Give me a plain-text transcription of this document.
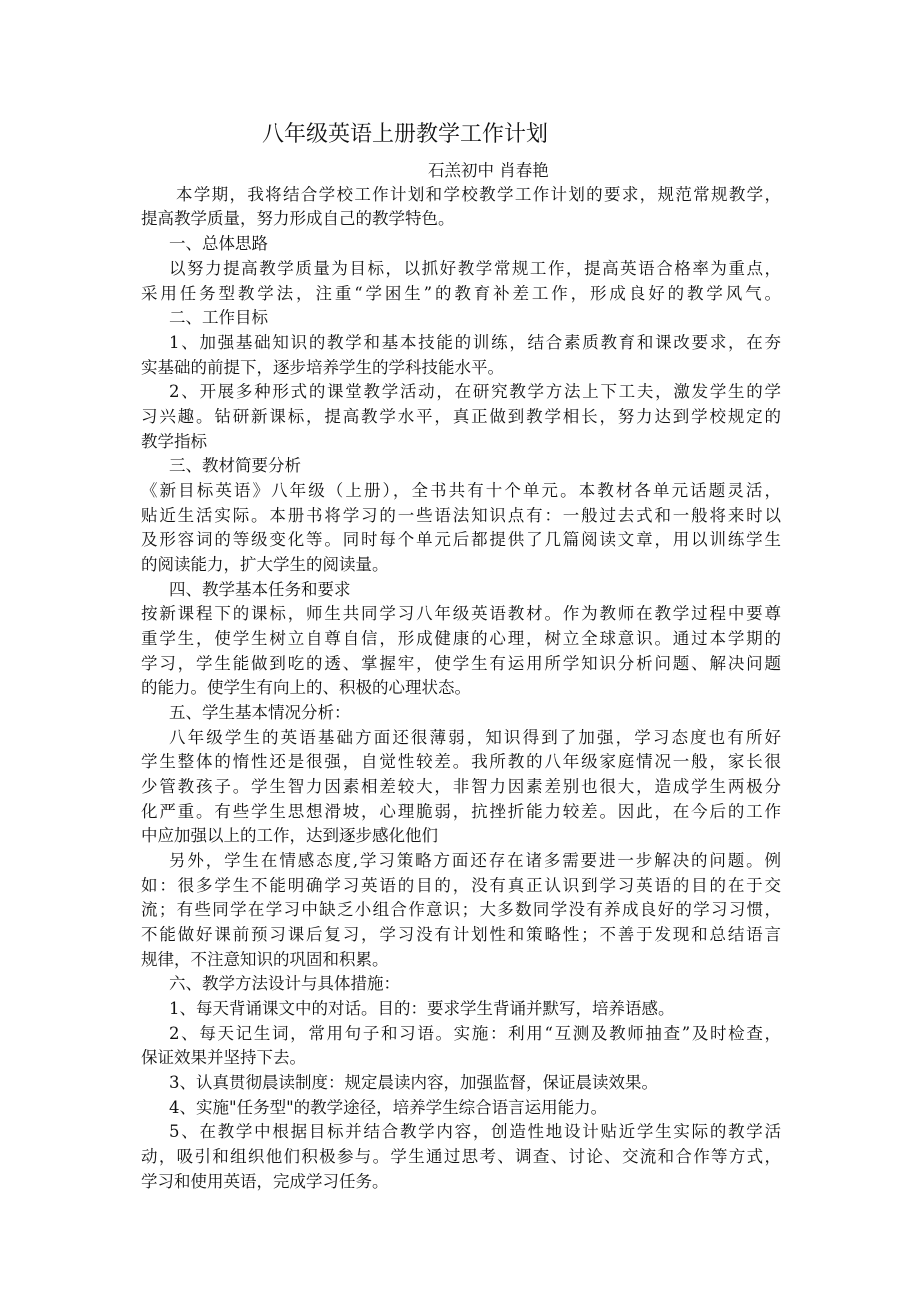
八年级英语上册教学工作计划
石羔初中 肖春艳
本学期，我将结合学校工作计划和学校教学工作计划的要求，规范常规教学，
提高教学质量，努力形成自己的教学特色。
一、总体思路
以努力提高教学质量为目标，以抓好教学常规工作，提高英语合格率为重点，
采用任务型教学法，注重“学困生”的教育补差工作，形成良好的教学风气。
二、工作目标
1、加强基础知识的教学和基本技能的训练，结合素质教育和课改要求，在夯
实基础的前提下，逐步培养学生的学科技能水平。
2、开展多种形式的课堂教学活动，在研究教学方法上下工夫，激发学生的学
习兴趣。钻研新课标，提高教学水平，真正做到教学相长，努力达到学校规定的
教学指标
三、教材简要分析
《新目标英语》八年级（上册），全书共有十个单元。本教材各单元话题灵活，
贴近生活实际。本册书将学习的一些语法知识点有：一般过去式和一般将来时以
及形容词的等级变化等。同时每个单元后都提供了几篇阅读文章，用以训练学生
的阅读能力，扩大学生的阅读量。
四、教学基本任务和要求
按新课程下的课标，师生共同学习八年级英语教材。作为教师在教学过程中要尊
重学生，使学生树立自尊自信，形成健康的心理，树立全球意识。通过本学期的
学习，学生能做到吃的透、掌握牢，使学生有运用所学知识分析问题、解决问题
的能力。使学生有向上的、积极的心理状态。
五、学生基本情况分析：
八年级学生的英语基础方面还很薄弱，知识得到了加强，学习态度也有所好
学生整体的惰性还是很强，自觉性较差。我所教的八年级家庭情况一般，家长很
少管教孩子。学生智力因素相差较大，非智力因素差别也很大，造成学生两极分
化严重。有些学生思想滑坡，心理脆弱，抗挫折能力较差。因此，在今后的工作
中应加强以上的工作，达到逐步感化他们
另外，学生在情感态度,学习策略方面还存在诸多需要进一步解决的问题。例
如：很多学生不能明确学习英语的目的，没有真正认识到学习英语的目的在于交
流；有些同学在学习中缺乏小组合作意识；大多数同学没有养成良好的学习习惯，
不能做好课前预习课后复习，学习没有计划性和策略性；不善于发现和总结语言
规律，不注意知识的巩固和积累。
六、教学方法设计与具体措施：
1、每天背诵课文中的对话。目的：要求学生背诵并默写，培养语感。
2、每天记生词，常用句子和习语。实施：利用“互测及教师抽查”及时检查，
保证效果并坚持下去。
3、认真贯彻晨读制度：规定晨读内容，加强监督，保证晨读效果。
4、实施"任务型"的教学途径，培养学生综合语言运用能力。
5、在教学中根据目标并结合教学内容，创造性地设计贴近学生实际的教学活
动，吸引和组织他们积极参与。学生通过思考、调查、讨论、交流和合作等方式，
学习和使用英语，完成学习任务。
